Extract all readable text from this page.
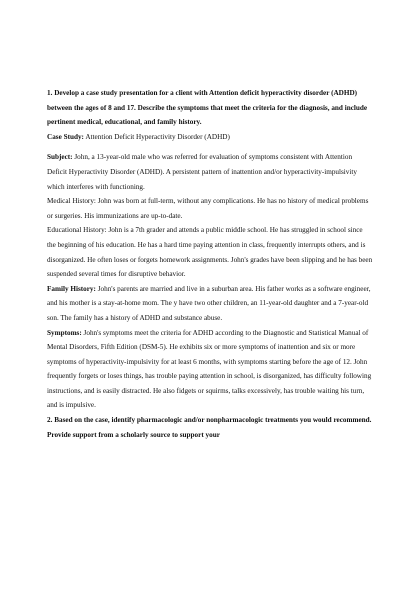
1. Develop a case study presentation for a client with Attention deficit hyperactivity disorder (ADHD) between the ages of 8 and 17. Describe the symptoms that meet the criteria for the diagnosis, and include pertinent medical, educational, and family history.

Case Study: Attention Deficit Hyperactivity Disorder (ADHD)

Subject: John, a 13-year-old male who was referred for evaluation of symptoms consistent with Attention Deficit Hyperactivity Disorder (ADHD). A persistent pattern of inattention and/or hyperactivity-impulsivity which interferes with functioning.

Medical History: John was born at full-term, without any complications. He has no history of medical problems or surgeries. His immunizations are up-to-date.

Educational History: John is a 7th grader and attends a public middle school. He has struggled in school since the beginning of his education. He has a hard time paying attention in class, frequently interrupts others, and is disorganized. He often loses or forgets homework assignments. John's grades have been slipping and he has been suspended several times for disruptive behavior.

Family History: John's parents are married and live in a suburban area. His father works as a software engineer, and his mother is a stay-at-home mom. The y have two other children, an 11-year-old daughter and a 7-year-old son. The family has a history of ADHD and substance abuse.

Symptoms: John's symptoms meet the criteria for ADHD according to the Diagnostic and Statistical Manual of Mental Disorders, Fifth Edition (DSM-5). He exhibits six or more symptoms of inattention and six or more symptoms of hyperactivity-impulsivity for at least 6 months, with symptoms starting before the age of 12. John frequently forgets or loses things, has trouble paying attention in school, is disorganized, has difficulty following instructions, and is easily distracted. He also fidgets or squirms, talks excessively, has trouble waiting his turn, and is impulsive.

2. Based on the case, identify pharmacologic and/or nonpharmacologic treatments you would recommend. Provide support from a scholarly source to support your
